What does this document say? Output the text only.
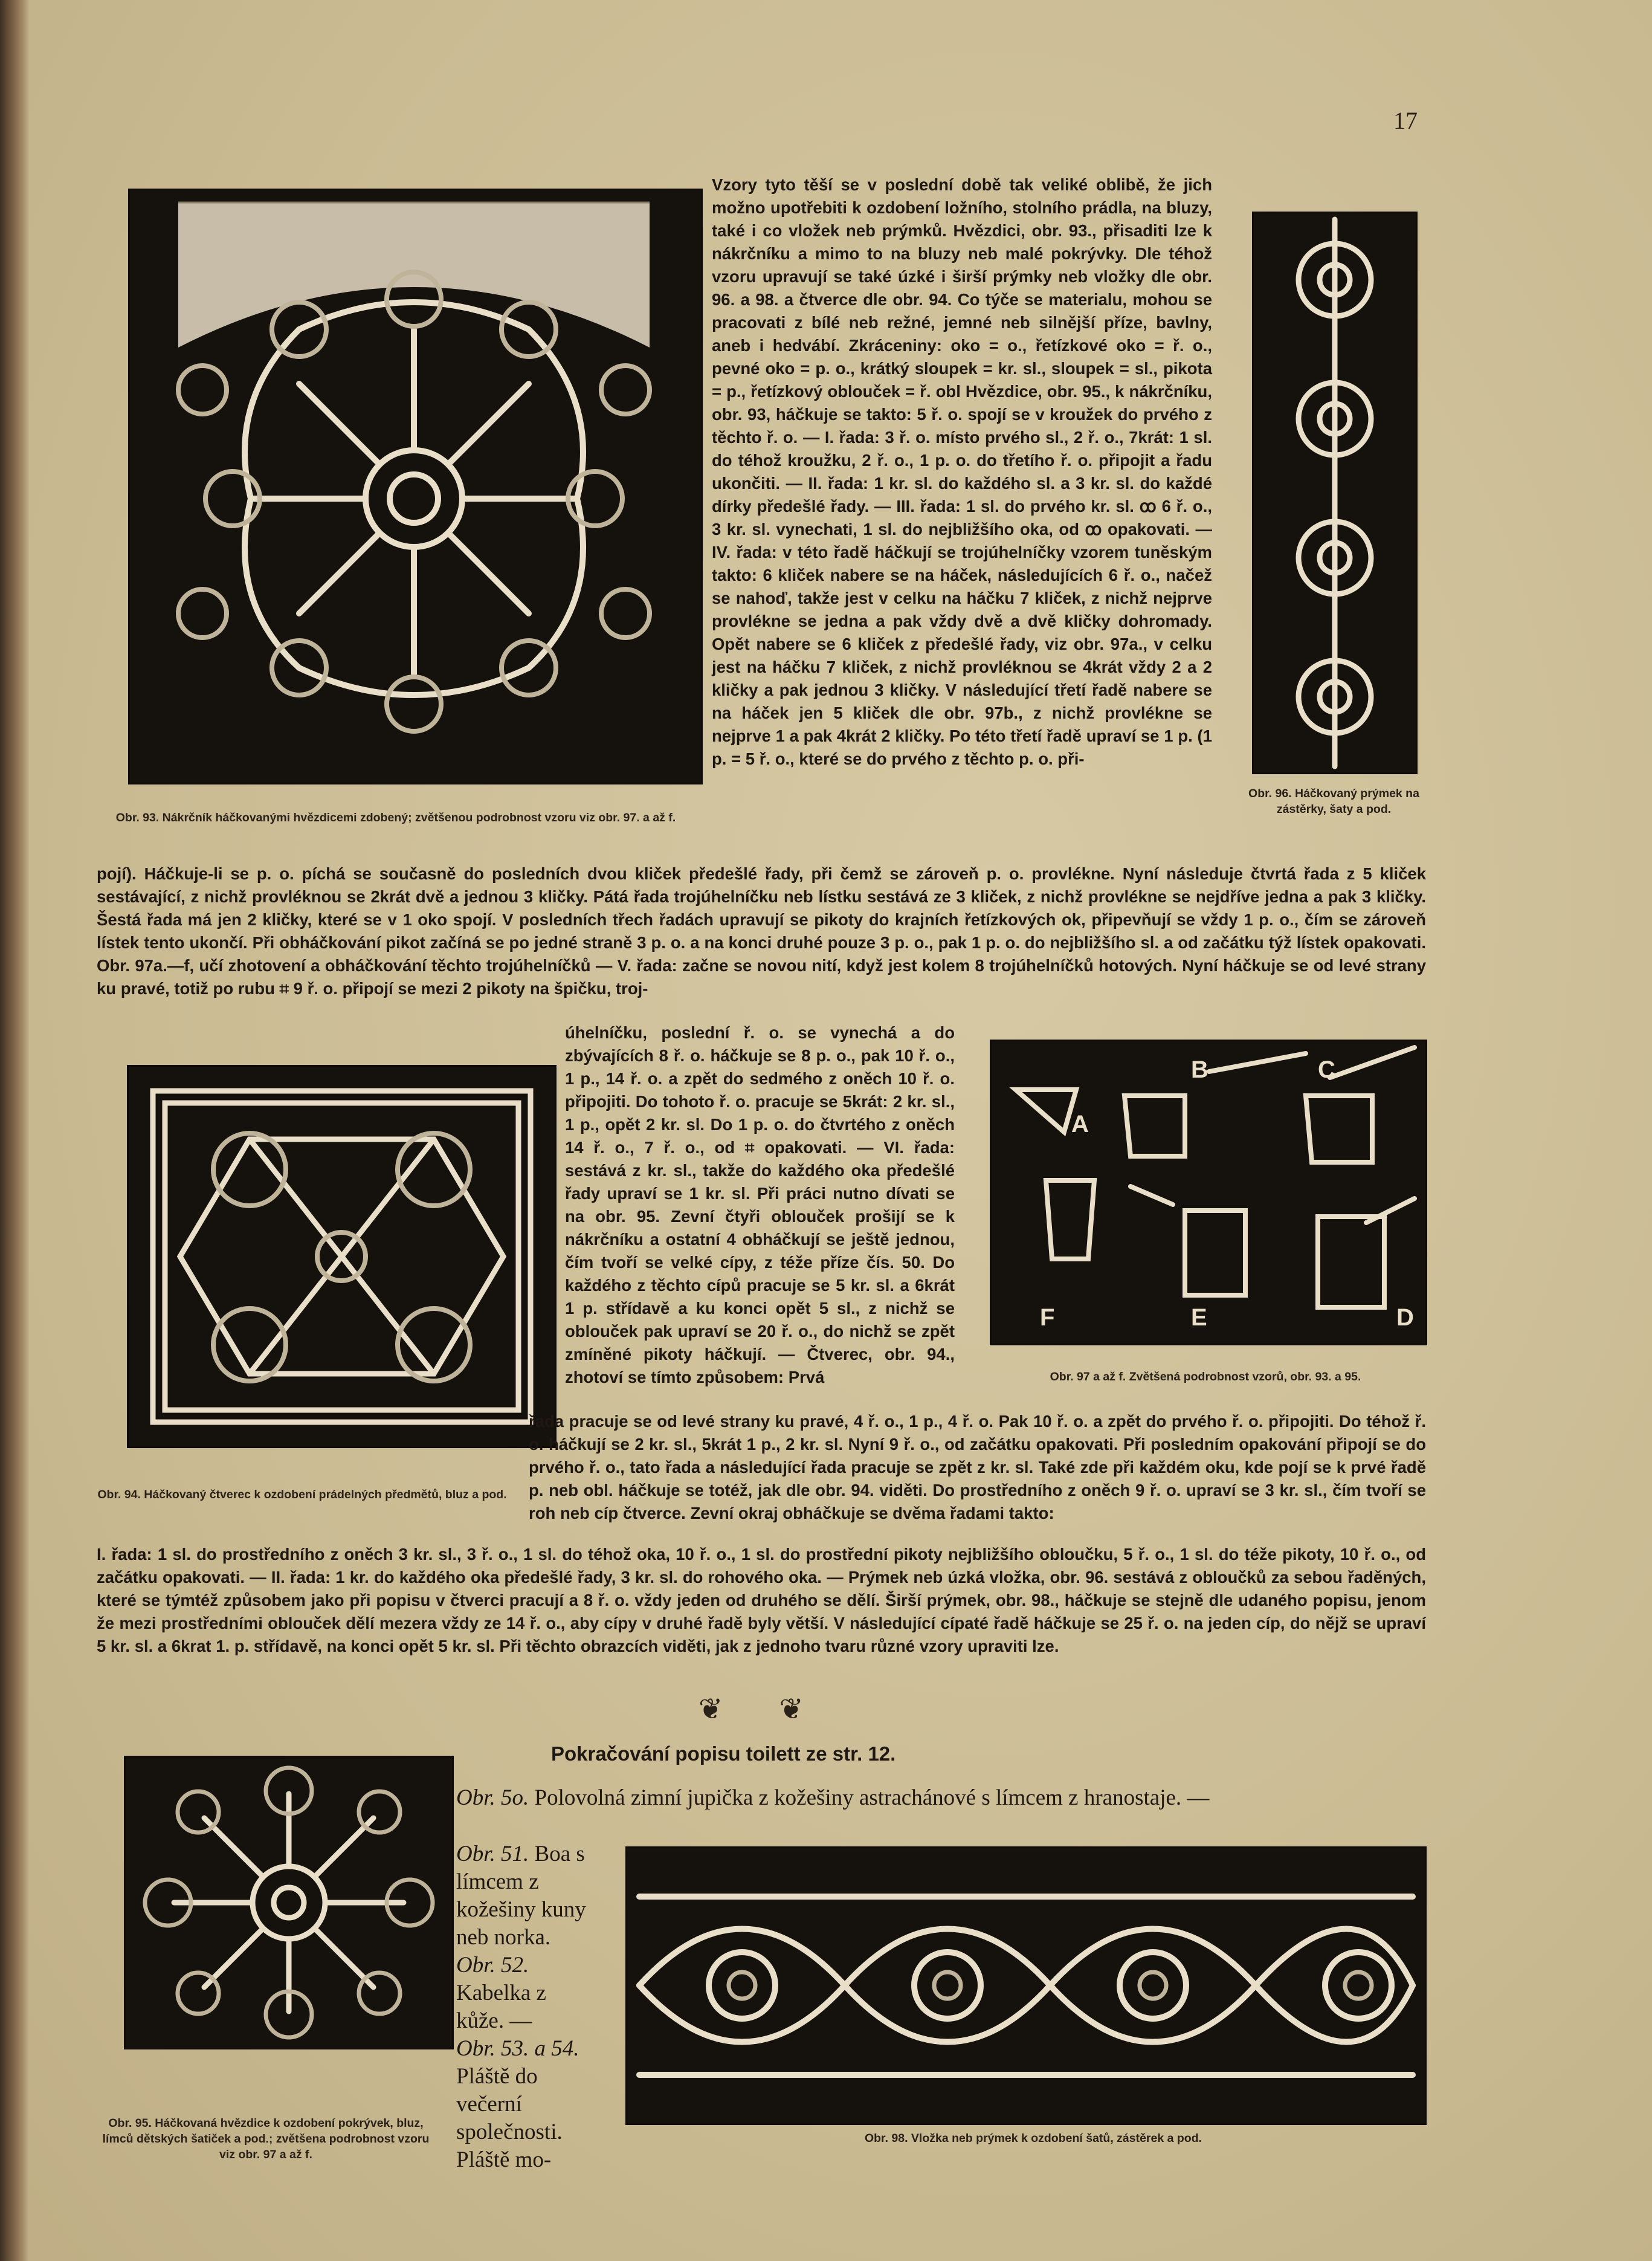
17
Obr. 93. Nákrčník háčkovanými hvězdicemi zdobený; zvětšenou podrobnost vzoru viz obr. 97. a až f.

Vzory tyto těší se v poslední době tak veliké oblibě, že jich možno upotřebiti k ozdobení ložního, stolního prádla, na bluzy, také i co vložek neb prýmků. Hvězdici, obr. 93., přisaditi lze k nákrčníku a mimo to na bluzy neb malé pokrývky. Dle téhož vzoru upravují se také úzké i širší prýmky neb vložky dle obr. 96. a 98. a čtverce dle obr. 94. Co týče se materialu, mohou se pracovati z bílé neb režné, jemné neb silnější příze, bavlny, aneb i hedvábí. Zkráceniny: oko = o., řetízkové oko = ř. o., pevné oko = p. o., krátký sloupek = kr. sl., sloupek = sl., pikota = p., řetízkový oblouček = ř. obl Hvězdice, obr. 95., k nákrčníku, obr. 93, háčkuje se takto: 5 ř. o. spojí se v kroužek do prvého z těchto ř. o. — I. řada: 3 ř. o. místo prvého sl., 2 ř. o., 7krát: 1 sl. do téhož kroužku, 2 ř. o., 1 p. o. do třetího ř. o. připojit a řadu ukončiti. — II. řada: 1 kr. sl. do každého sl. a 3 kr. sl. do každé dírky předešlé řady. — III. řada: 1 sl. do prvého kr. sl. ꝏ 6 ř. o., 3 kr. sl. vynechati, 1 sl. do nejbližšího oka, od ꝏ opakovati. — IV. řada: v této řadě háčkují se trojúhelníčky vzorem tuněským takto: 6 kliček nabere se na háček, následujících 6 ř. o., načež se nahoď, takže jest v celku na háčku 7 kliček, z nichž nejprve provlékne se jedna a pak vždy dvě a dvě kličky dohromady. Opět nabere se 6 kliček z předešlé řady, viz obr. 97a., v celku jest na háčku 7 kliček, z nichž provléknou se 4krát vždy 2 a 2 kličky a pak jednou 3 kličky. V následující třetí řadě nabere se na háček jen 5 kliček dle obr. 97b., z nichž provlékne se nejprve 1 a pak 4krát 2 kličky. Po této třetí řadě upraví se 1 p. (1 p. = 5 ř. o., které se do prvého z těchto p. o. při-

Obr. 96. Háčkovaný prýmek na zástěrky, šaty a pod.

pojí). Háčkuje-li se p. o. píchá se současně do posledních dvou kliček předešlé řady, při čemž se zároveň p. o. provlékne. Nyní následuje čtvrtá řada z 5 kliček sestávající, z nichž provléknou se 2krát dvě a jednou 3 kličky. Pátá řada trojúhelníčku neb lístku sestává ze 3 kliček, z nichž provlékne se nejdříve jedna a pak 3 kličky. Šestá řada má jen 2 kličky, které se v 1 oko spojí. V posledních třech řadách upravují se pikoty do krajních řetízkových ok, připevňují se vždy 1 p. o., čím se zároveň lístek tento ukončí. Při obháčkování pikot začíná se po jedné straně 3 p. o. a na konci druhé pouze 3 p. o., pak 1 p. o. do nejbližšího sl. a od začátku týž lístek opakovati. Obr. 97a.—f, učí zhotovení a obháčkování těchto trojúhelníčků — V. řada: začne se novou nití, když jest kolem 8 trojúhelníčků hotových. Nyní háčkuje se od levé strany ku pravé, totiž po rubu ⌗ 9 ř. o. připojí se mezi 2 pikoty na špičku, troj-

Obr. 94. Háčkovaný čtverec k ozdobení prádelných předmětů, bluz a pod.

úhelníčku, poslední ř. o. se vynechá a do zbývajících 8 ř. o. háčkuje se 8 p. o., pak 10 ř. o., 1 p., 14 ř. o. a zpět do sedmého z oněch 10 ř. o. připojiti. Do tohoto ř. o. pracuje se 5krát: 2 kr. sl., 1 p., opět 2 kr. sl. Do 1 p. o. do čtvrtého z oněch 14 ř. o., 7 ř. o., od ⌗ opakovati. — VI. řada: sestává z kr. sl., takže do každého oka předešlé řady upraví se 1 kr. sl. Při práci nutno dívati se na obr. 95. Zevní čtyři oblouček prošijí se k nákrčníku a ostatní 4 obháčkují se ještě jednou, čím tvoří se velké cípy, z téže příze čís. 50. Do každého z těchto cípů pracuje se 5 kr. sl. a 6krát 1 p. střídavě a ku konci opět 5 sl., z nichž se oblouček pak upraví se 20 ř. o., do nichž se zpět zmíněné pikoty háčkují. — Čtverec, obr. 94., zhotoví se tímto způsobem: Prvá

A
B	C
D
E
F
Obr. 97 a až f. Zvětšená podrobnost vzorů, obr. 93. a 95.

řada pracuje se od levé strany ku pravé, 4 ř. o., 1 p., 4 ř. o. Pak 10 ř. o. a zpět do prvého ř. o. připojiti. Do téhož ř. o. háčkují se 2 kr. sl., 5krát 1 p., 2 kr. sl. Nyní 9 ř. o., od začátku opakovati. Při posledním opakování připojí se do prvého ř. o., tato řada a následující řada pracuje se zpět z kr. sl. Také zde při každém oku, kde pojí se k prvé řadě p. neb obl. háčkuje se totéž, jak dle obr. 94. viděti. Do prostředního z oněch 9 ř. o. upraví se 3 kr. sl., čím tvoří se roh neb cíp čtverce. Zevní okraj obháčkuje se dvěma řadami takto:

I. řada: 1 sl. do prostředního z oněch 3 kr. sl., 3 ř. o., 1 sl. do téhož oka, 10 ř. o., 1 sl. do prostřední pikoty nejbližšího obloučku, 5 ř. o., 1 sl. do téže pikoty, 10 ř. o., od začátku opakovati. — II. řada: 1 kr. do každého oka předešlé řady, 3 kr. sl. do rohového oka. — Prýmek neb úzká vložka, obr. 96. sestává z obloučků za sebou řaděných, které se týmtéž způsobem jako při popisu v čtverci pracují a 8 ř. o. vždy jeden od druhého se dělí. Širší prýmek, obr. 98., háčkuje se stejně dle udaného popisu, jenom že mezi prostředními oblouček dělí mezera vždy ze 14 ř. o., aby cípy v druhé řadě byly větší. V následující cípaté řadě háčkuje se 25 ř. o. na jeden cíp, do nějž se upraví 5 kr. sl. a 6krat 1. p. střídavě, na konci opět 5 kr. sl. Při těchto obrazcích viděti, jak z jednoho tvaru různé vzory upraviti lze.

❦ ❦
Pokračování popisu toilett ze str. 12.
Obr. 95. Háčkovaná hvězdice k ozdobení pokrývek, bluz, límců dětských šatiček a pod.; zvětšena podrobnost vzoru viz obr. 97 a až f.
Obr. 5o. Polovolná zimní jupička z kožešiny astrachánové s límcem z hranostaje. —
Obr. 51. Boa s límcem z kožešiny kuny neb norka.
Obr. 52. Kabelka z kůže. —
Obr. 53. a 54. Pláště do večerní společnosti. Pláště mo-
Obr. 98. Vložka neb prýmek k ozdobení šatů, zástěrek a pod.
